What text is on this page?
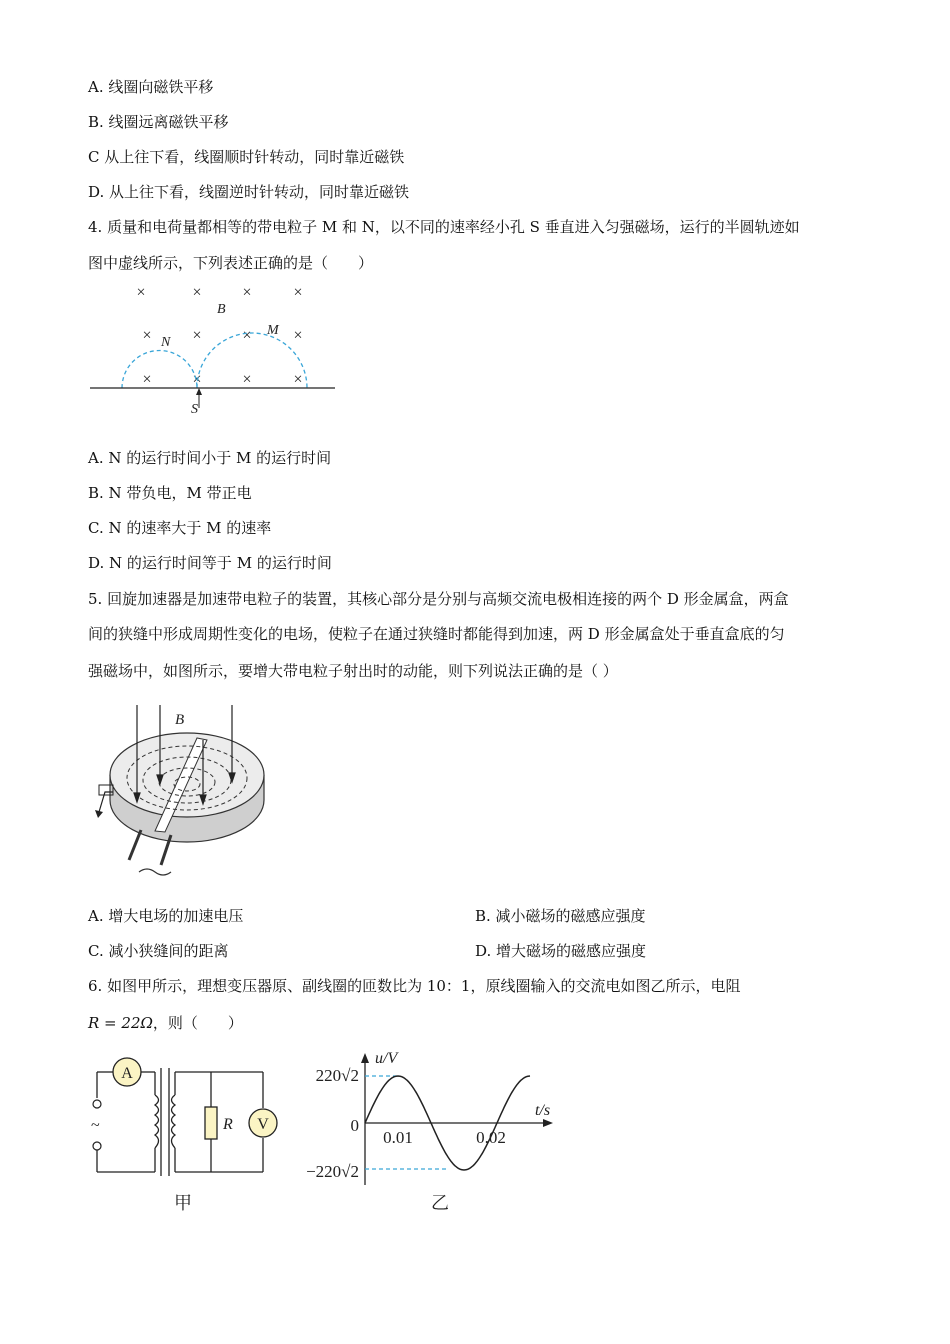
A. 线圈向磁铁平移
B. 线圈远离磁铁平移
C 从上往下看，线圈顺时针转动，同时靠近磁铁
D. 从上往下看，线圈逆时针转动，同时靠近磁铁
4. 质量和电荷量都相等的带电粒子 M 和 N，以不同的速率经小孔 S 垂直进入匀强磁场，运行的半圆轨迹如
图中虚线所示，下列表述正确的是（　　）
×	×	×	×
×	×	×	×
×	×	×	×
B
N
M
S
A. N 的运行时间小于 M 的运行时间
B. N 带负电，M 带正电
C. N 的速率大于 M 的速率
D. N 的运行时间等于 M 的运行时间
5. 回旋加速器是加速带电粒子的装置，其核心部分是分别与高频交流电极相连接的两个 D 形金属盒，两盒
间的狭缝中形成周期性变化的电场，使粒子在通过狭缝时都能得到加速，两 D 形金属盒处于垂直盒底的匀
强磁场中，如图所示，要增大带电粒子射出时的动能，则下列说法正确的是（ ）
B
A. 增大电场的加速电压	B. 减小磁场的磁感应强度
C. 减小狭缝间的距离	D. 增大磁场的磁感应强度
6. 如图甲所示，理想变压器原、副线圈的匝数比为 10：1，原线圈输入的交流电如图乙所示，电阻
R = 22Ω，则（　　）
~
A
R V
甲
u/V
t/s
220√2
0
−220√2
0.01	0.02
乙
